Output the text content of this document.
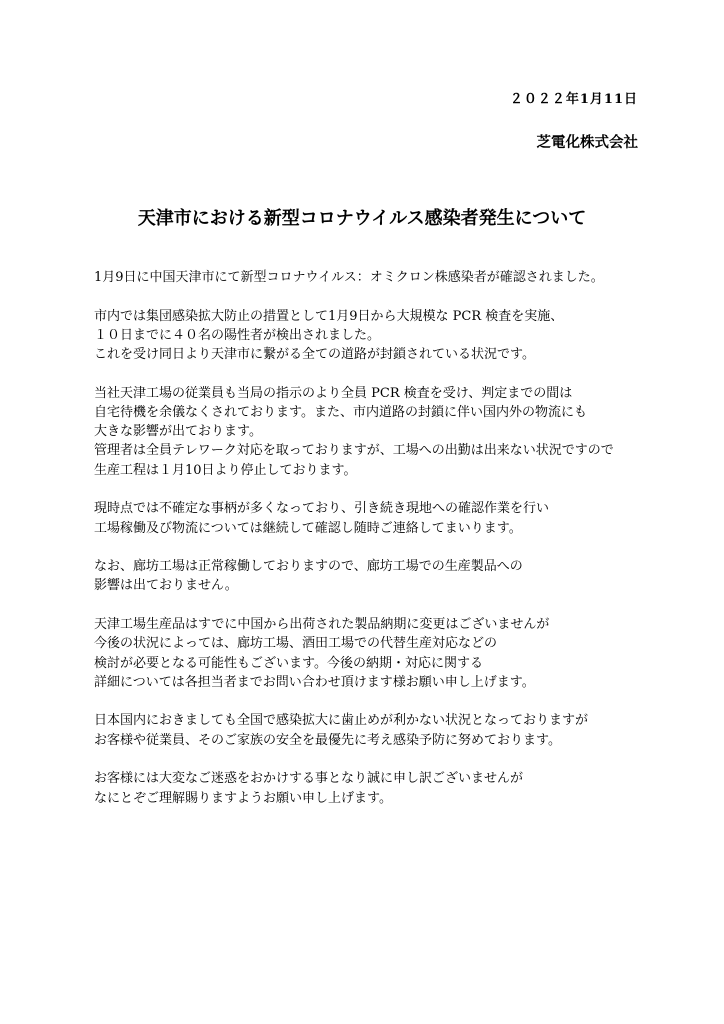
２０２２年1月11日
芝電化株式会社
天津市における新型コロナウイルス感染者発生について
1月9日に中国天津市にて新型コロナウイルス：オミクロン株感染者が確認されました。
市内では集団感染拡大防止の措置として1月9日から大規模な PCR 検査を実施、
１０日までに４０名の陽性者が検出されました。
これを受け同日より天津市に繋がる全ての道路が封鎖されている状況です。
当社天津工場の従業員も当局の指示のより全員 PCR 検査を受け、判定までの間は
自宅待機を余儀なくされております。また、市内道路の封鎖に伴い国内外の物流にも
大きな影響が出ております。
管理者は全員テレワーク対応を取っておりますが、工場への出勤は出来ない状況ですので
生産工程は１月10日より停止しております。
現時点では不確定な事柄が多くなっており、引き続き現地への確認作業を行い
工場稼働及び物流については継続して確認し随時ご連絡してまいります。
なお、廊坊工場は正常稼働しておりますので、廊坊工場での生産製品への
影響は出ておりません。
天津工場生産品はすでに中国から出荷された製品納期に変更はございませんが
今後の状況によっては、廊坊工場、酒田工場での代替生産対応などの
検討が必要となる可能性もございます。今後の納期・対応に関する
詳細については各担当者までお問い合わせ頂けます様お願い申し上げます。
日本国内におきましても全国で感染拡大に歯止めが利かない状況となっておりますが
お客様や従業員、そのご家族の安全を最優先に考え感染予防に努めております。
お客様には大変なご迷惑をおかけする事となり誠に申し訳ございませんが
なにとぞご理解賜りますようお願い申し上げます。
